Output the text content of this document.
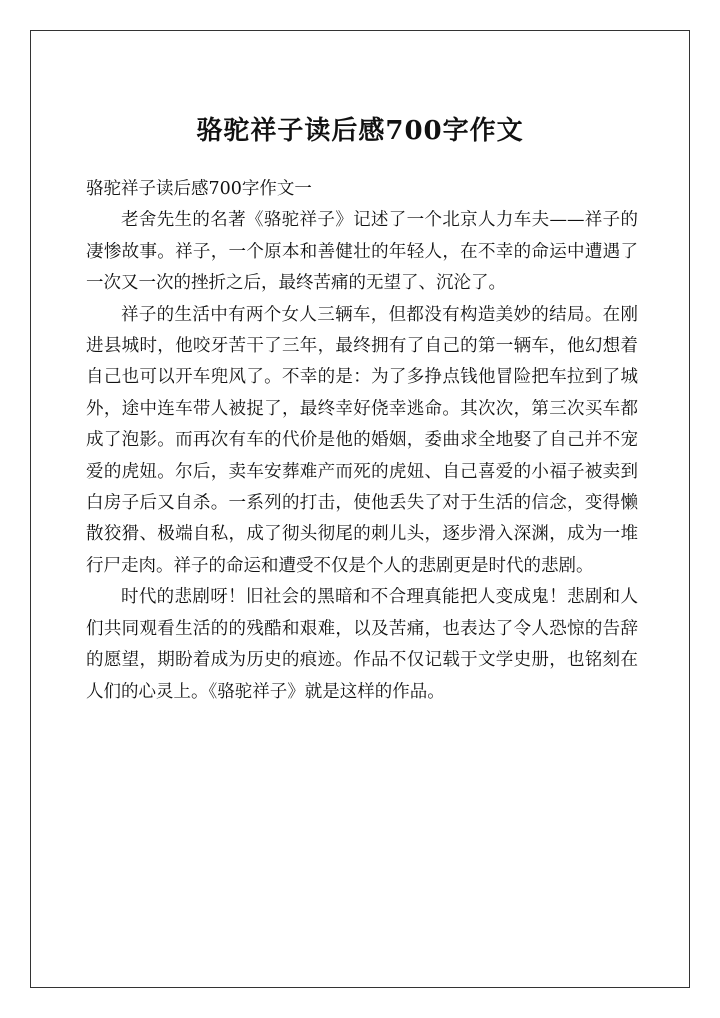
骆驼祥子读后感700字作文

骆驼祥子读后感700字作文一

老舍先生的名著《骆驼祥子》记述了一个北京人力车夫——祥子的凄惨故事。祥子，一个原本和善健壮的年轻人，在不幸的命运中遭遇了一次又一次的挫折之后，最终苦痛的无望了、沉沦了。

祥子的生活中有两个女人三辆车，但都没有构造美妙的结局。在刚进县城时，他咬牙苦干了三年，最终拥有了自己的第一辆车，他幻想着自己也可以开车兜风了。不幸的是：为了多挣点钱他冒险把车拉到了城外，途中连车带人被捉了，最终幸好侥幸逃命。其次次，第三次买车都成了泡影。而再次有车的代价是他的婚姻，委曲求全地娶了自己并不宠爱的虎妞。尔后，卖车安葬难产而死的虎妞、自己喜爱的小福子被卖到白房子后又自杀。一系列的打击，使他丢失了对于生活的信念，变得懒散狡猾、极端自私，成了彻头彻尾的刺儿头，逐步滑入深渊，成为一堆行尸走肉。祥子的命运和遭受不仅是个人的悲剧更是时代的悲剧。

时代的悲剧呀！旧社会的黑暗和不合理真能把人变成鬼！悲剧和人们共同观看生活的的残酷和艰难，以及苦痛，也表达了令人恐惊的告辞的愿望，期盼着成为历史的痕迹。作品不仅记载于文学史册，也铭刻在人们的心灵上。《骆驼祥子》就是这样的作品。
